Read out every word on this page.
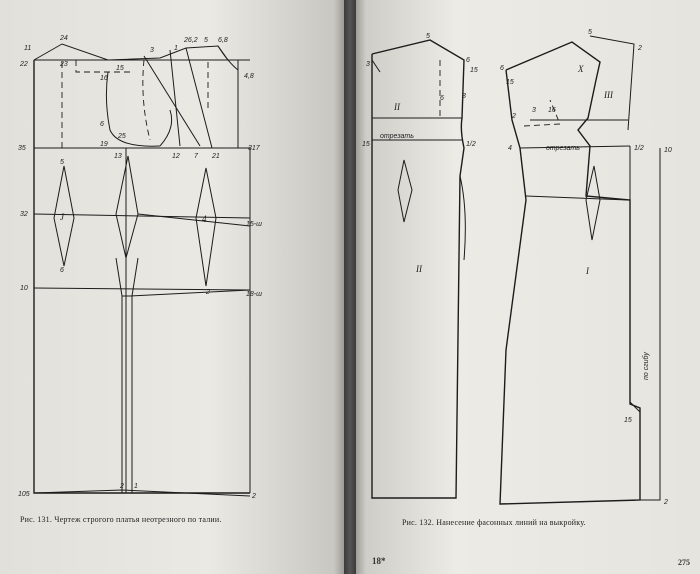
11
24
22	23
16
15
3	1
26,2 5 6,8
4,8
6
25
19
13	12 7 21
35	317
5
32	J	4
15-ш
6
10
2	18-ш
105
2 1
2
5
6
3
15
6	3
II
отрезать
15	1/2
II
5
2
6
15
X
III
2
3 16
4	отрезать	1/2	10
I
по сгибу
15
2
Рис. 131. Чертеж строгого платья неотрезного по талии.
18*
Рис. 132. Нанесение фасонных линий на выкройку.
275
